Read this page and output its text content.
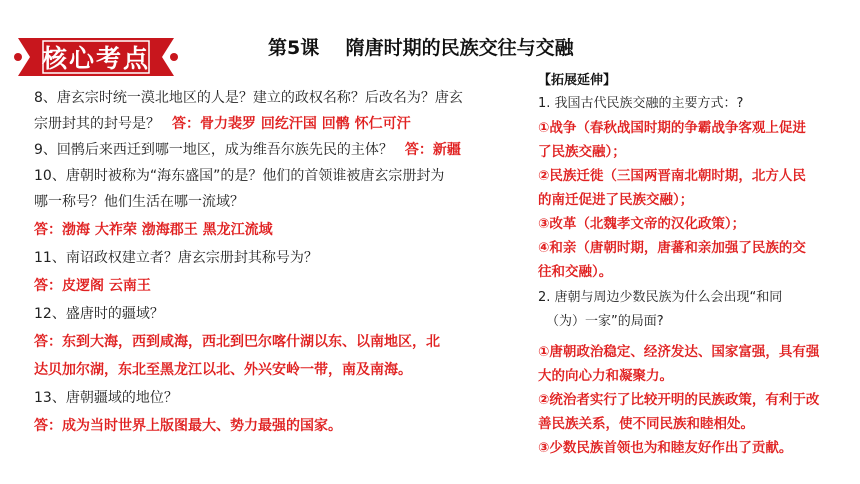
核心考点	第5课    隋唐时期的民族交往与交融
8、唐玄宗时统一漠北地区的人是？建立的政权名称？后改名为？唐玄
宗册封其的封号是？ 答：骨力裴罗 回纥汗国 回鹘 怀仁可汗
9、回鹘后来西迁到哪一地区，成为维吾尔族先民的主体？ 答：新疆
10、唐朝时被称为“海东盛国”的是？他们的首领谁被唐玄宗册封为
哪一称号？他们生活在哪一流域？
答：渤海 大祚荣 渤海郡王 黑龙江流域
11、南诏政权建立者？唐玄宗册封其称号为？
答：皮逻阁 云南王
12、盛唐时的疆域？
答：东到大海，西到咸海，西北到巴尔喀什湖以东、以南地区，北
达贝加尔湖，东北至黑龙江以北、外兴安岭一带，南及南海。
13、唐朝疆域的地位？
答：成为当时世界上版图最大、势力最强的国家。
【拓展延伸】
1. 我国古代民族交融的主要方式：?
①战争（春秋战国时期的争霸战争客观上促进
了民族交融）；
②民族迁徙（三国两晋南北朝时期，北方人民
的南迁促进了民族交融）；
③改革（北魏孝文帝的汉化政策）；
④和亲（唐朝时期，唐蕃和亲加强了民族的交
往和交融）。
2. 唐朝与周边少数民族为什么会出现“和同
（为）一家”的局面?
①唐朝政治稳定、经济发达、国家富强，具有强
大的向心力和凝聚力。
②统治者实行了比较开明的民族政策，有利于改
善民族关系，使不同民族和睦相处。
③少数民族首领也为和睦友好作出了贡献。
